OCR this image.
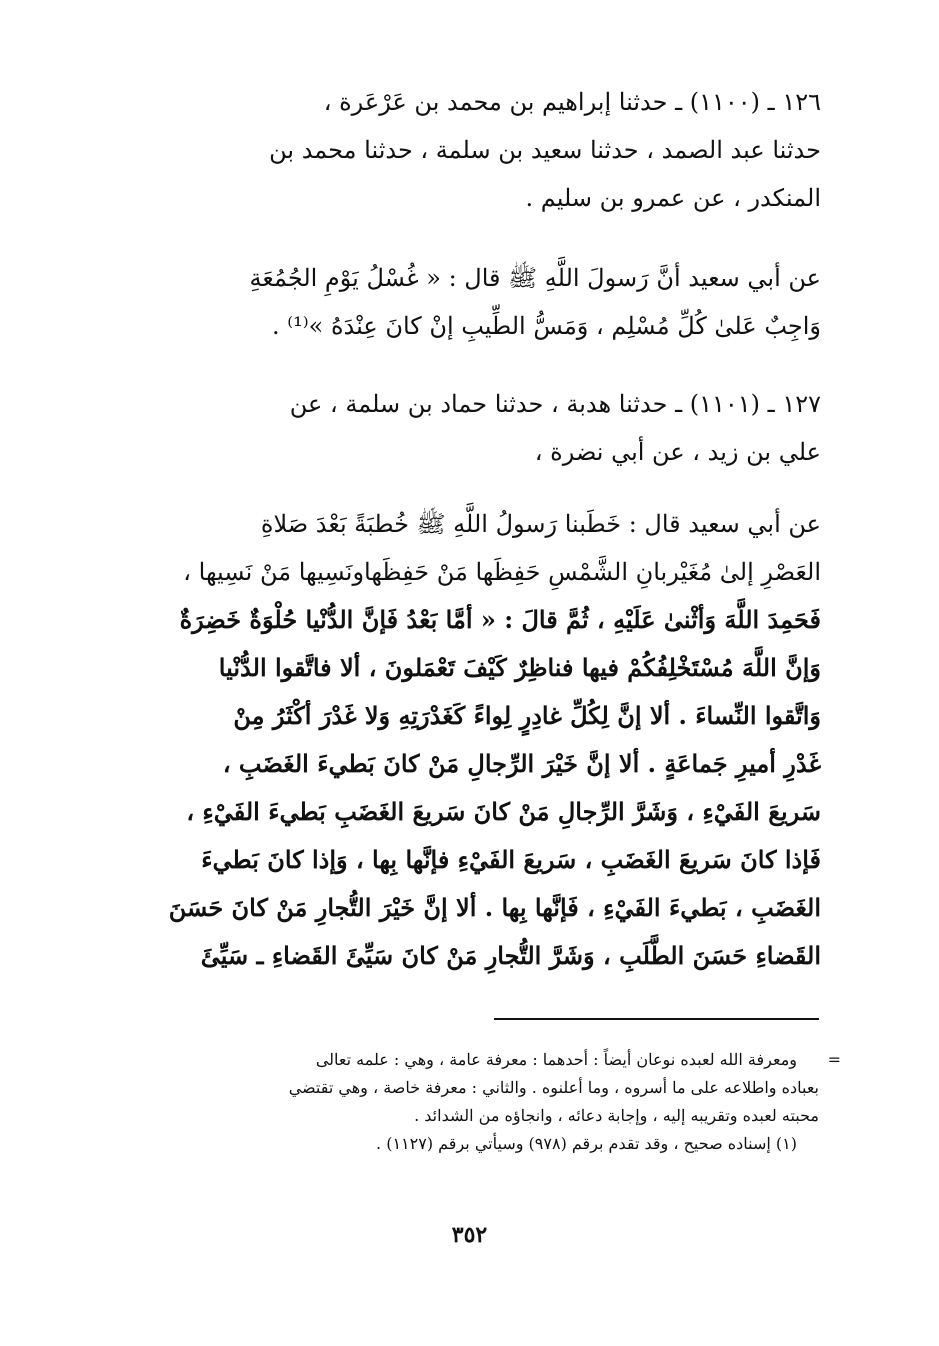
١٢٦ ـ (١١٠٠) ـ حدثنا إبراهيم بن محمد بن عَرْعَرة ،
حدثنا عبد الصمد ، حدثنا سعيد بن سلمة ، حدثنا محمد بن
المنكدر ، عن عمرو بن سليم .

عن أبي سعيد أنَّ رَسولَ اللَّهِ ﷺ قال : « غُسْلُ يَوْمِ الجُمُعَةِ
وَاجِبٌ عَلىٰ كُلِّ مُسْلِم ، وَمَسُّ الطِّيبِ إنْ كانَ عِنْدَهُ »⁽¹⁾ .

١٢٧ ـ (١١٠١) ـ حدثنا هدبة ، حدثنا حماد بن سلمة ، عن
علي بن زيد ، عن أبي نضرة ،

عن أبي سعيد قال : خَطَبنا رَسولُ اللَّهِ ﷺ خُطبَةً بَعْدَ صَلاةِ
العَصْرِ إلىٰ مُغَيْربانِ الشَّمْسِ حَفِظَها مَنْ حَفِظَهاونَسِيها مَنْ نَسِيها ،
فَحَمِدَ اللَّهَ وَأثْنىٰ عَلَيْهِ ، ثُمَّ قالَ : « أمَّا بَعْدُ فَإنَّ الدُّنْيا حُلْوَةٌ خَضِرَةٌ
وَإنَّ اللَّهَ مُسْتَخْلِفُكُمْ فيها فناظِرٌ كَيْفَ تَعْمَلونَ ، ألا فاتَّقوا الدُّنْيا
وَاتَّقوا النِّساءَ . ألا إنَّ لِكُلِّ غادِرٍ لِواءً كَغَدْرَتِهِ وَلا غَدْرَ أكْثَرُ مِنْ
غَدْرِ أميرِ جَماعَةٍ . ألا إنَّ خَيْرَ الرِّجالِ مَنْ كانَ بَطيءَ الغَضَبِ ،
سَريعَ الفَيْءِ ، وَشَرَّ الرِّجالِ مَنْ كانَ سَريعَ الغَضَبِ بَطيءَ الفَيْءِ ،
فَإذا كانَ سَريعَ الغَضَبِ ، سَريعَ الفَيْءِ فإنَّها بِها ، وَإذا كانَ بَطيءَ
الغَضَبِ ، بَطيءَ الفَيْءِ ، فَإنَّها بِها . ألا إنَّ خَيْرَ التُّجارِ مَنْ كانَ حَسَنَ
القَضاءِ حَسَنَ الطَّلَبِ ، وَشَرَّ التُّجارِ مَنْ كانَ سَيِّئَ القَضاءِ ـ سَيِّئَ

=
ومعرفة الله لعبده نوعان أيضاً : أحدهما : معرفة عامة ، وهي : علمه تعالى
بعباده واطلاعه على ما أسروه ، وما أعلنوه . والثاني : معرفة خاصة ، وهي تقتضي
محبته لعبده وتقريبه إليه ، وإجابة دعائه ، وانجاؤه من الشدائد .
(١) إسناده صحيح ، وقد تقدم برقم (٩٧٨) وسيأتي برقم (١١٢٧) .
٣٥٢
